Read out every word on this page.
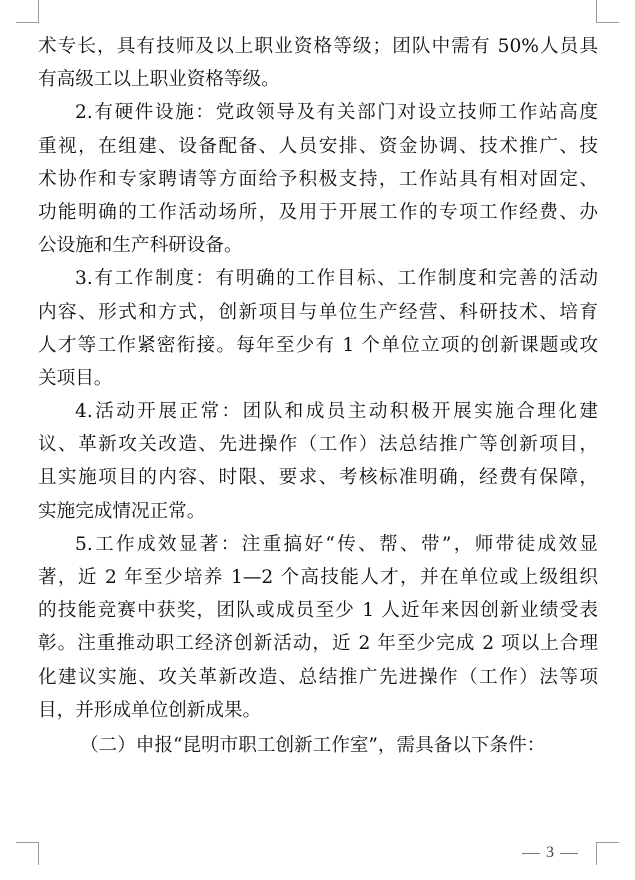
术专长，具有技师及以上职业资格等级；团队中需有 50%人员具
有高级工以上职业资格等级。
2.有硬件设施：党政领导及有关部门对设立技师工作站高度
重视，在组建、设备配备、人员安排、资金协调、技术推广、技
术协作和专家聘请等方面给予积极支持，工作站具有相对固定、
功能明确的工作活动场所，及用于开展工作的专项工作经费、办
公设施和生产科研设备。
3.有工作制度：有明确的工作目标、工作制度和完善的活动
内容、形式和方式，创新项目与单位生产经营、科研技术、培育
人才等工作紧密衔接。每年至少有 1 个单位立项的创新课题或攻
关项目。
4.活动开展正常：团队和成员主动积极开展实施合理化建
议、革新攻关改造、先进操作（工作）法总结推广等创新项目，
且实施项目的内容、时限、要求、考核标准明确，经费有保障，
实施完成情况正常。
5.工作成效显著：注重搞好“传、帮、带”，师带徒成效显
著，近 2 年至少培养 1—2 个高技能人才，并在单位或上级组织
的技能竞赛中获奖，团队或成员至少 1 人近年来因创新业绩受表
彰。注重推动职工经济创新活动，近 2 年至少完成 2 项以上合理
化建议实施、攻关革新改造、总结推广先进操作（工作）法等项
目，并形成单位创新成果。
（二）申报“昆明市职工创新工作室”，需具备以下条件：
3
